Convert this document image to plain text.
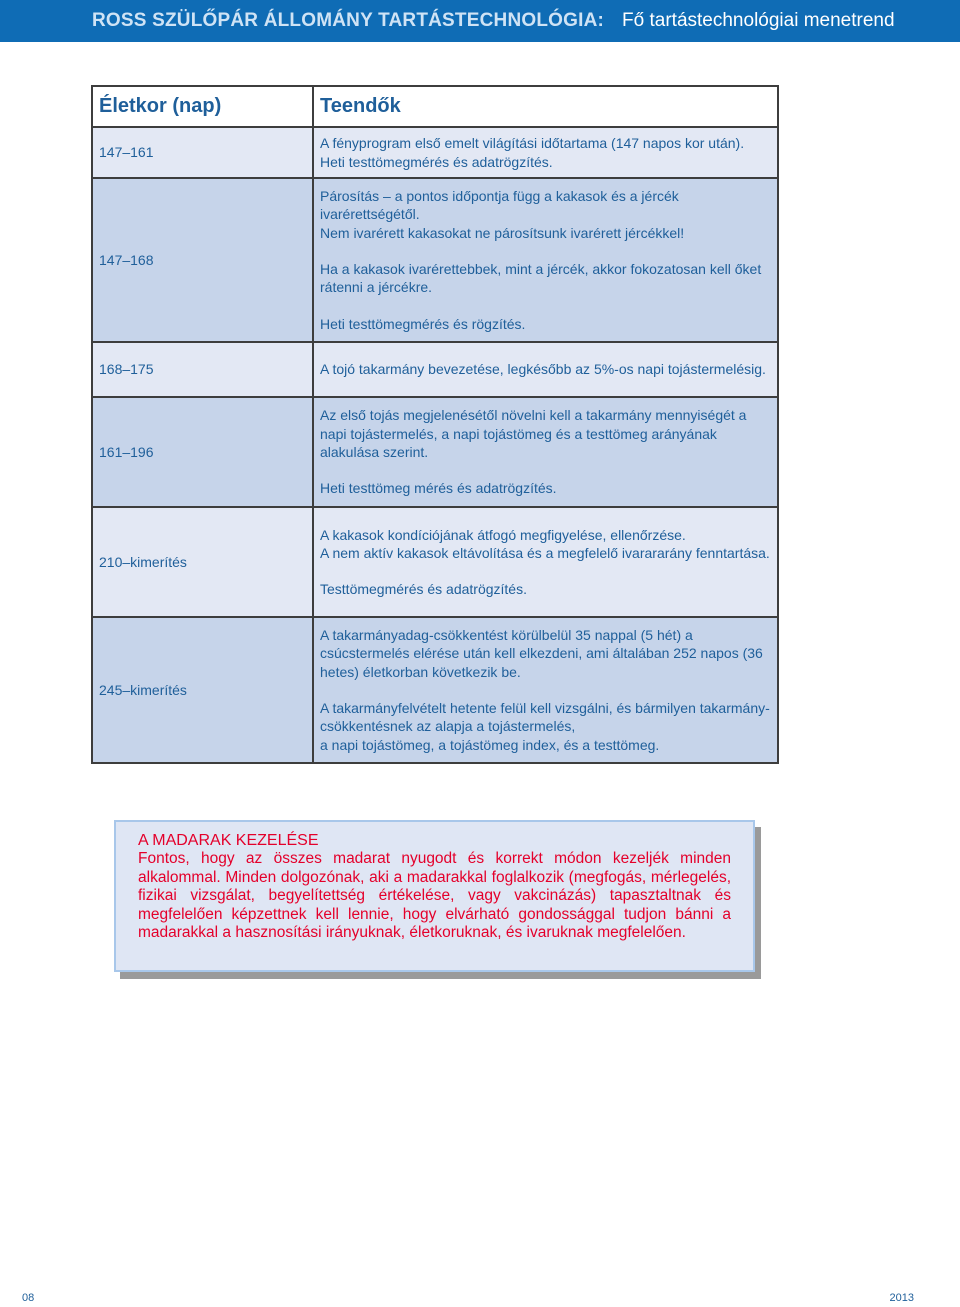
ROSS SZÜLŐPÁR ÁLLOMÁNY TARTÁSTECHNOLÓGIA: Fő tartástechnológiai menetrend
Életkor (nap)	Teendők
147–161	A fényprogram első emelt világítási időtartama (147 napos kor után).

Heti testtömegmérés és adatrögzítés.

147–168	Párosítás – a pontos időpontja függ a kakasok és a jércék ivarérettségétől.

Nem ivarérett kakasokat ne párosítsunk ivarérett jércékkel!

Ha a kakasok ivarérettebbek, mint a jércék, akkor fokozatosan kell őket rátenni a jércékre.

Heti testtömegmérés és rögzítés.

168–175	A tojó takarmány bevezetése, legkésőbb az 5%-os napi tojástermelésig.

161–196	Az első tojás megjelenésétől növelni kell a takarmány mennyiségét a napi tojástermelés, a napi tojástömeg és a testtömeg arányának alakulása szerint.

Heti testtömeg mérés és adatrögzítés.

210–kimerítés	A kakasok kondíciójának átfogó megfigyelése, ellenőrzése.

A nem aktív kakasok eltávolítása és a megfelelő ivarararány fenntartása.

Testtömegmérés és adatrögzítés.

245–kimerítés	A takarmányadag-csökkentést körülbelül 35 nappal (5 hét) a csúcstermelés elérése után kell elkezdeni, ami általában 252 napos (36 hetes) életkorban következik be.

A takarmányfelvételt hetente felül kell vizsgálni, és bármilyen takarmány-csökkentésnek az alapja a tojástermelés,

a napi tojástömeg, a tojástömeg index, és a testtömeg.

A MADARAK KEZELÉSE

Fontos, hogy az összes madarat nyugodt és korrekt módon kezeljék minden alkalommal. Minden dolgozónak, aki a madarakkal foglalkozik (megfogás, mérlegelés, fizikai vizsgálat, begyelítettség értékelése, vagy vakcinázás) tapasztaltnak és megfelelően képzettnek kell lennie, hogy elvárható gondossággal tudjon bánni a madarakkal a hasznosítási irányuknak, életkoruknak, és ivaruknak megfelelően.

08	2013
